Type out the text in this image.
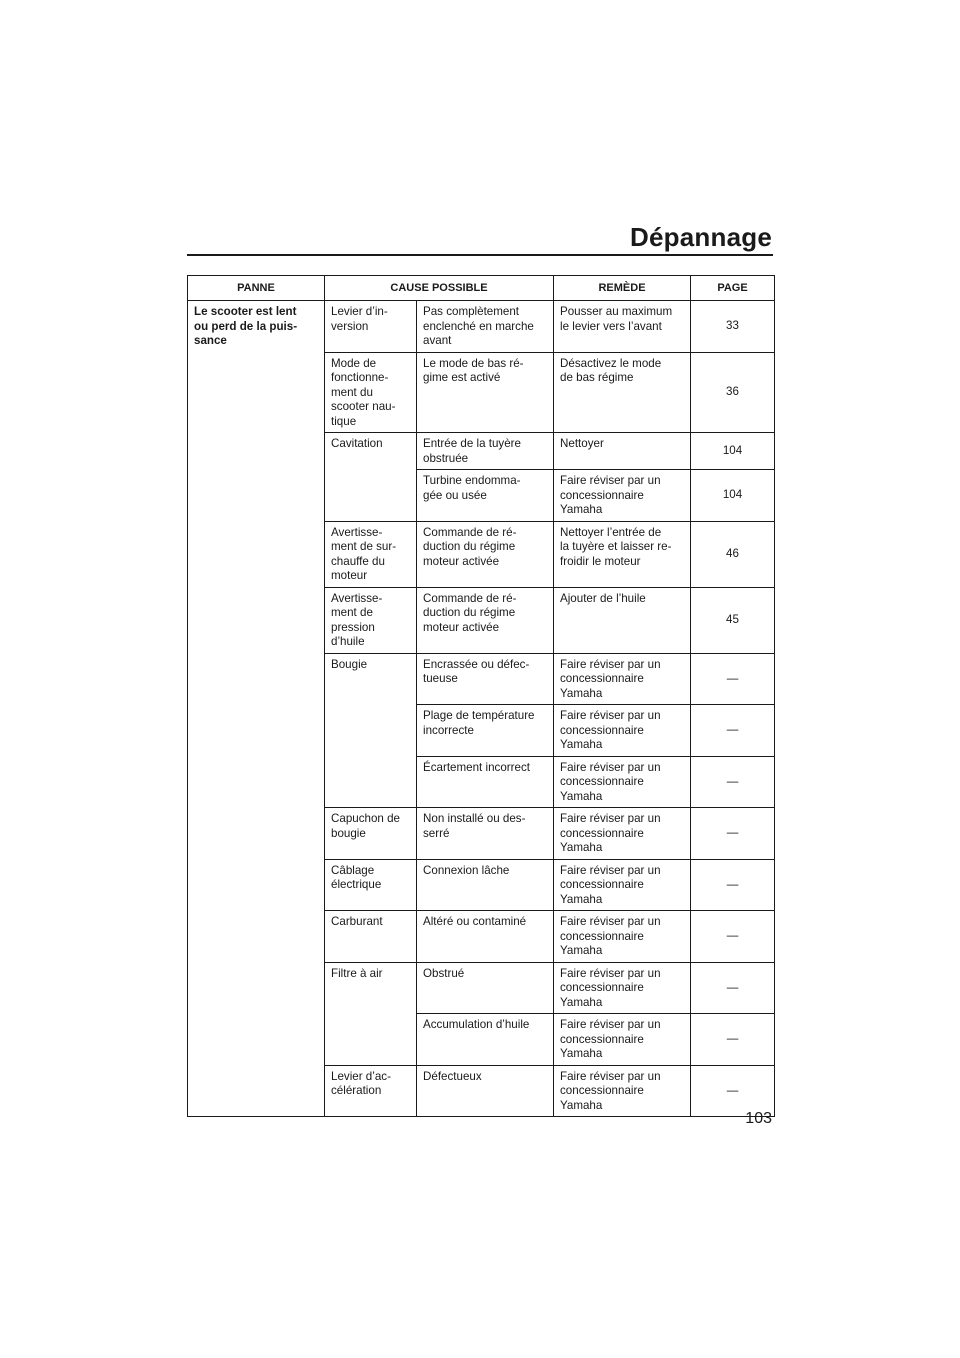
Dépannage
PANNE	CAUSE POSSIBLE		REMÈDE	PAGE
Le scooter est lent
ou perd de la puis-
sance	Levier d’in-
version	Pas complètement
enclenché en marche
avant	Pousser au maximum
le levier vers l’avant	33
	Mode de
fonctionne-
ment du
scooter nau-
tique	Le mode de bas ré-
gime est activé	Désactivez le mode
de bas régime	36
	Cavitation	Entrée de la tuyère
obstruée	Nettoyer	104
		Turbine endomma-
gée ou usée	Faire réviser par un
concessionnaire
Yamaha	104
	Avertisse-
ment de sur-
chauffe du
moteur	Commande de ré-
duction du régime
moteur activée	Nettoyer l’entrée de
la tuyère et laisser re-
froidir le moteur	46
	Avertisse-
ment de
pression
d’huile	Commande de ré-
duction du régime
moteur activée	Ajouter de l’huile	45
	Bougie	Encrassée ou défec-
tueuse	Faire réviser par un
concessionnaire
Yamaha	—
		Plage de température
incorrecte	Faire réviser par un
concessionnaire
Yamaha	—
		Écartement incorrect	Faire réviser par un
concessionnaire
Yamaha	—
	Capuchon de
bougie	Non installé ou des-
serré	Faire réviser par un
concessionnaire
Yamaha	—
	Câblage
électrique	Connexion lâche	Faire réviser par un
concessionnaire
Yamaha	—
	Carburant	Altéré ou contaminé	Faire réviser par un
concessionnaire
Yamaha	—
	Filtre à air	Obstrué	Faire réviser par un
concessionnaire
Yamaha	—
		Accumulation d’huile	Faire réviser par un
concessionnaire
Yamaha	—
	Levier d’ac-
célération	Défectueux	Faire réviser par un
concessionnaire
Yamaha	—
103
